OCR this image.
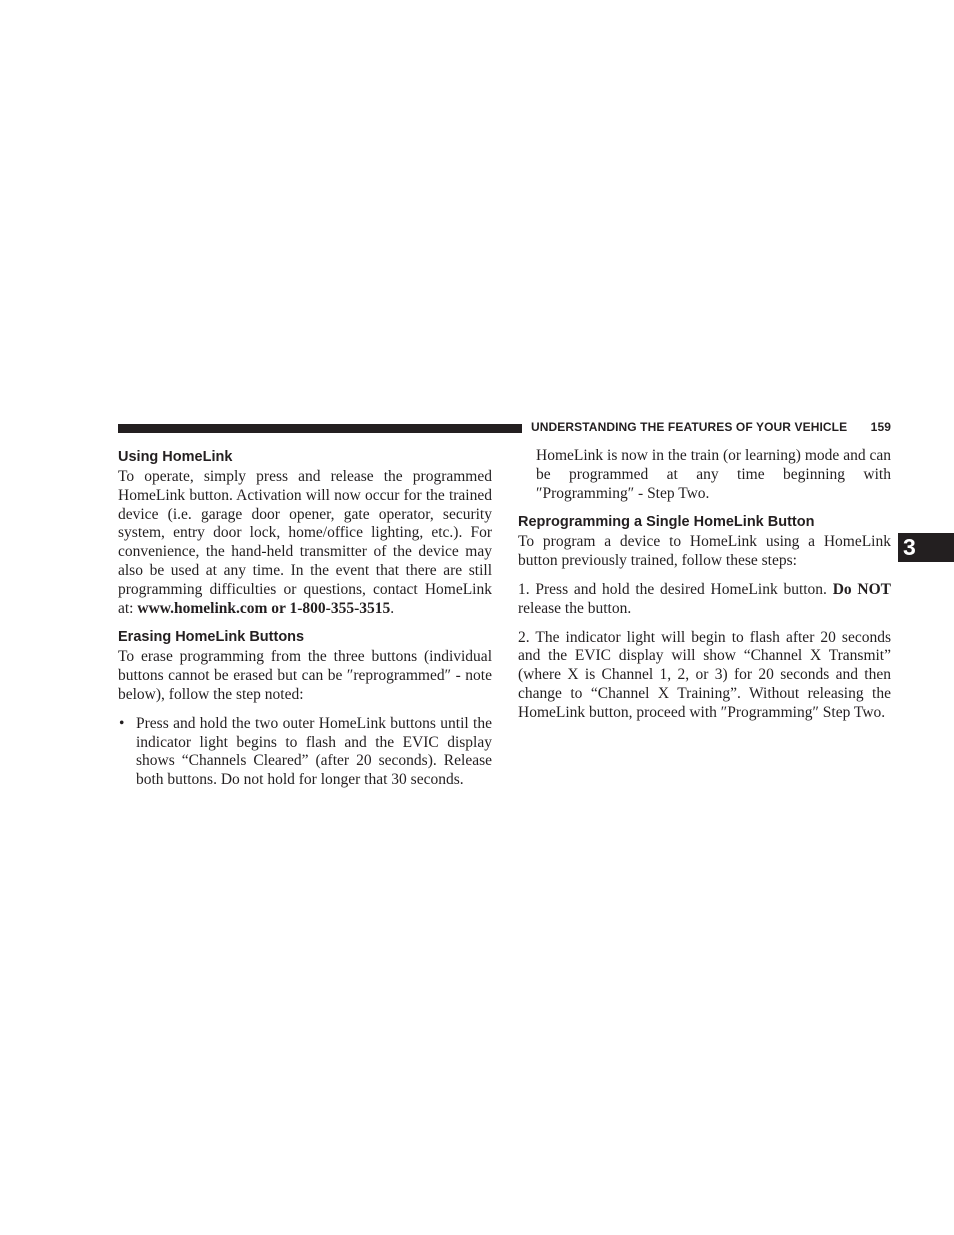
UNDERSTANDING THE FEATURES OF YOUR VEHICLE 159
3
Using HomeLink

To operate, simply press and release the programmed HomeLink button. Activation will now occur for the trained device (i.e. garage door opener, gate operator, security system, entry door lock, home/office lighting, etc.). For convenience, the hand-held transmitter of the device may also be used at any time. In the event that there are still programming difficulties or questions, contact HomeLink at: www.homelink.com or 1-800-355-3515.

Erasing HomeLink Buttons

To erase programming from the three buttons (individual buttons cannot be erased but can be ″reprogrammed″ - note below), follow the step noted:

• Press and hold the two outer HomeLink buttons until the indicator light begins to flash and the EVIC display shows “Channels Cleared” (after 20 seconds). Release both buttons. Do not hold for longer that 30 seconds.

HomeLink is now in the train (or learning) mode and can be programmed at any time beginning with ″Programming″ - Step Two.

Reprogramming a Single HomeLink Button

To program a device to HomeLink using a HomeLink button previously trained, follow these steps:

1. Press and hold the desired HomeLink button. Do NOT release the button.

2. The indicator light will begin to flash after 20 seconds and the EVIC display will show “Channel X Transmit” (where X is Channel 1, 2, or 3) for 20 seconds and then change to “Channel X Training”. Without releasing the HomeLink button, proceed with ″Programming″ Step Two.
